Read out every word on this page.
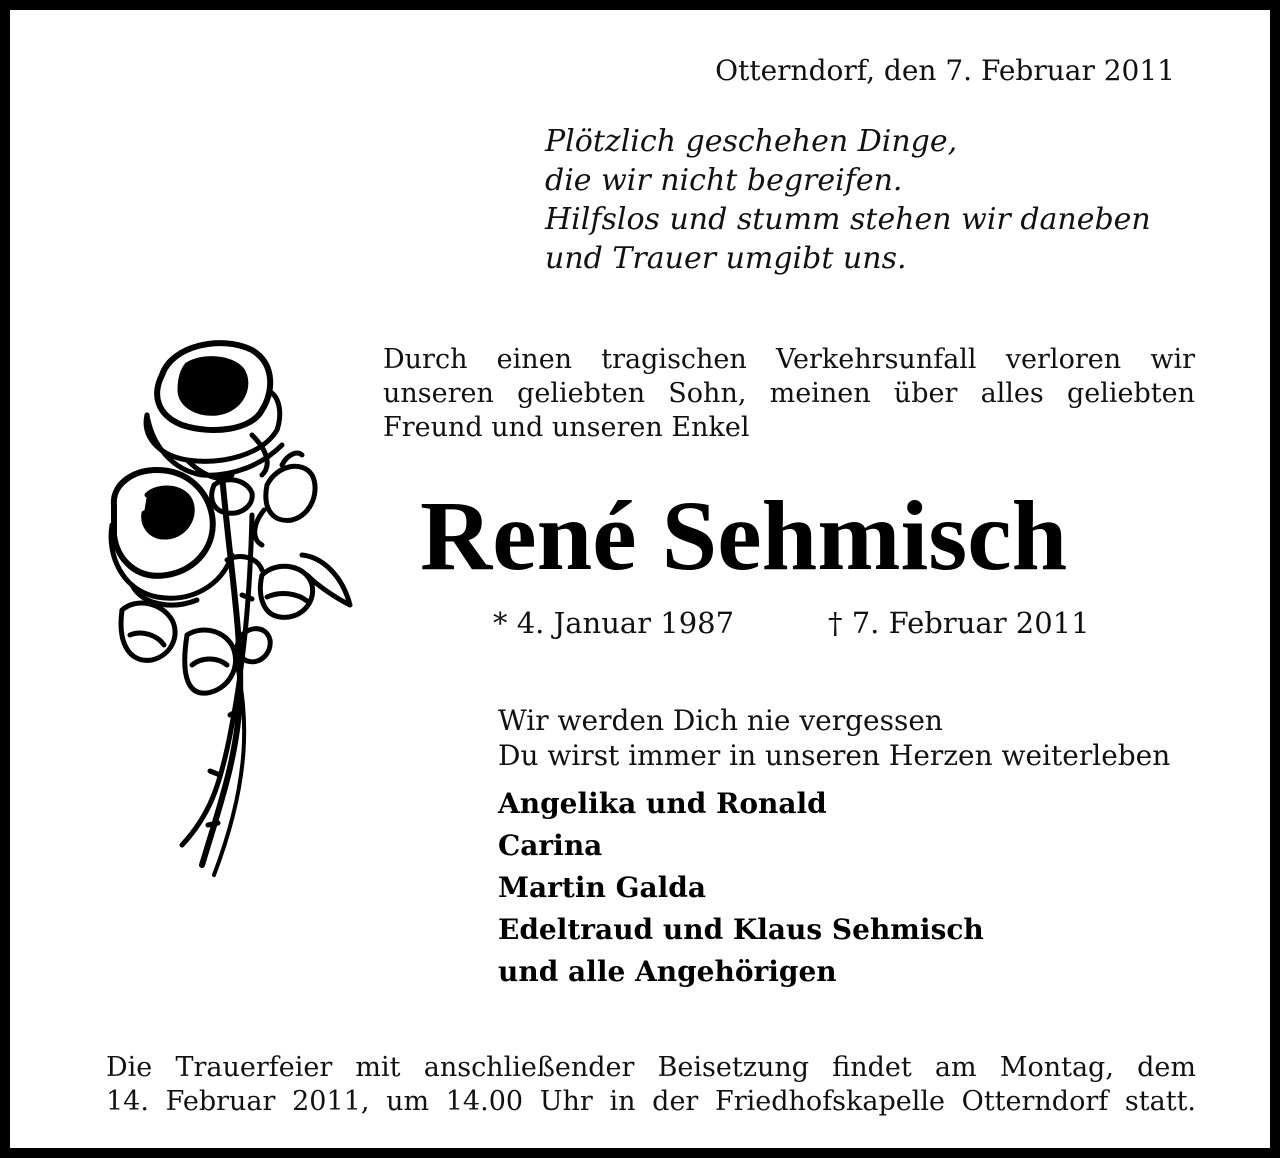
Otterndorf, den 7. Februar 2011
Plötzlich geschehen Dinge,
die wir nicht begreifen.
Hilfslos und stumm stehen wir daneben
und Trauer umgibt uns.
Durch einen tragischen Verkehrsunfall verloren wir
unseren geliebten Sohn, meinen über alles geliebten
Freund und unseren Enkel
René Sehmisch
* 4. Januar 1987	† 7. Februar 2011
Wir werden Dich nie vergessen
Du wirst immer in unseren Herzen weiterleben
Angelika und Ronald
Carina
Martin Galda
Edeltraud und Klaus Sehmisch
und alle Angehörigen
Die Trauerfeier mit anschließender Beisetzung findet am Montag, dem
14. Februar 2011, um 14.00 Uhr in der Friedhofskapelle Otterndorf statt.
